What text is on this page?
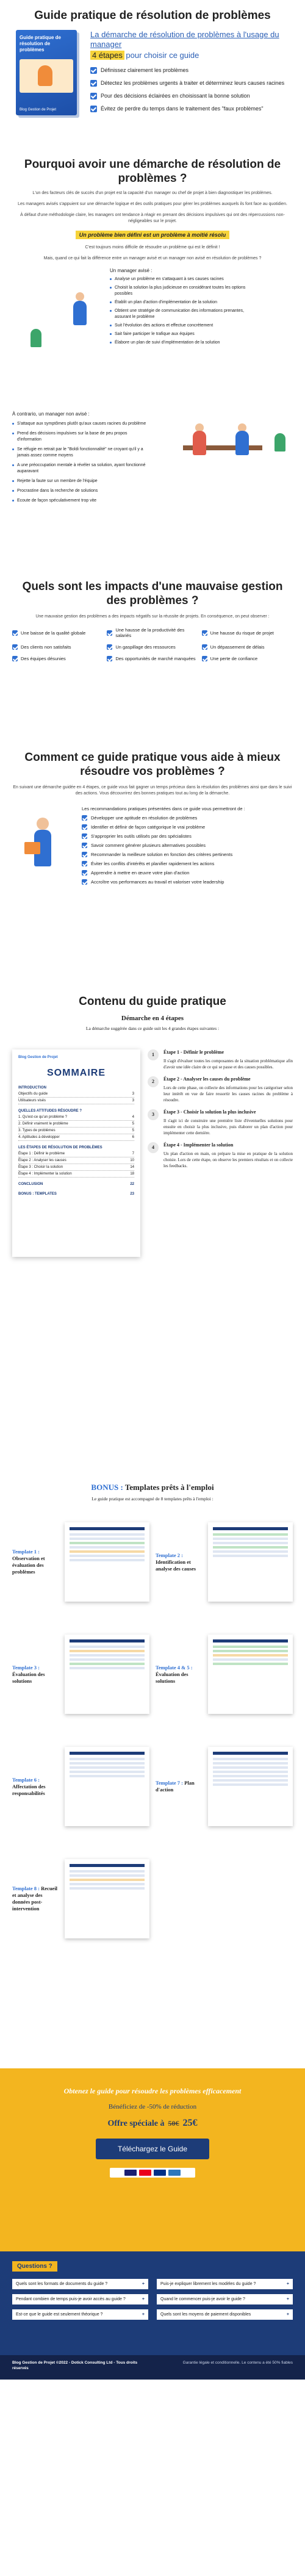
Guide pratique de résolution de problèmes
Guide pratique de résolution de problèmes
Blog Gestion de Projet
La démarche de résolution de problèmes à l'usage du manager
4 étapes pour choisir ce guide
Définissez clairement les problèmes
Détectez les problèmes urgents à traiter et déterminez leurs causes racines
Pour des décisions éclairées en choisissant la bonne solution
Évitez de perdre du temps dans le traitement des "faux problèmes"
Pourquoi avoir une démarche de résolution de problèmes ?

L'un des facteurs clés de succès d'un projet est la capacité d'un manager ou chef de projet à bien diagnostiquer les problèmes.

Les managers avisés s'appuient sur une démarche logique et des outils pratiques pour gérer les problèmes auxquels ils font face au quotidien.

À défaut d'une méthodologie claire, les managers ont tendance à réagir en prenant des décisions impulsives qui ont des répercussions non-négligeables sur le projet.

Un problème bien défini est un problème à moitié résolu

C'est toujours moins difficile de résoudre un problème qui est le définit !

Mais, quand ce qui fait la différence entre un manager avisé et un manager non avisé en résolution de problèmes ?

Un manager avisé :
Analyse un problème en s'attaquant à ses causes racines
Choisit la solution la plus judicieuse en considérant toutes les options possibles
Établit un plan d'action d'implémentation de la solution
Obtient une stratégie de communication des informations prenantes, assurant le problème
Suit l'évolution des actions et effectue concrètement
Sait faire participer le trafique aux équipes
Élabore un plan de suivi d'implémentation de la solution
À contrario, un manager non avisé :
S'attaque aux symptômes plutôt qu'aux causes racines du problème
Prend des décisions impulsives sur la base de peu propos d'information
Se réfugie en retrait par le "Boldi fonctionnalité" ne croyant qu'il y a jamais assez comme moyens
A une préoccupation mentale à révéler sa solution, ayant fonctionné auparavant
Rejette la faute sur un membre de l'équipe
Procrastine dans la recherche de solutions
Ecoute de façon spéculativement trop vite
Quels sont les impacts d'une mauvaise gestion des problèmes ?

Une mauvaise gestion des problèmes a des impacts négatifs sur la réussite de projets. En conséquence, on peut observer :

Une baisse de la qualité globale	Une hausse de la productivité des salariés	Une hausse du risque de projet
Des clients non satisfaits	Un gaspillage des ressources	Un dépassement de délais
Des équipes désunies	Des opportunités de marché manquées	Une perte de confiance
Comment ce guide pratique vous aide à mieux résoudre vos problèmes ?

En suivant une démarche guidée en 4 étapes, ce guide vous fait gagner un temps précieux dans la résolution des problèmes ainsi que dans le suivi des actions. Vous découvrirez des bonnes pratiques tout au long de la démarche.

Les recommandations pratiques présentées dans ce guide vous permettront de :
Développer une aptitude en résolution de problèmes
Identifier et définir de façon catégorique le vrai problème
S'approprier les outils utilisés par des spécialistes
Savoir comment générer plusieurs alternatives possibles
Recommander la meilleure solution en fonction des critères pertinents
Éviter les conflits d'intérêts et planifier rapidement les actions
Apprendre à mettre en œuvre votre plan d'action
Accroître vos performances au travail et valoriser votre leadership
Contenu du guide pratique
Démarche en 4 étapes
La démarche suggérée dans ce guide suit les 4 grandes étapes suivantes :
Blog Gestion de Projet
SOMMAIRE
INTRODUCTION
Objectifs du guide	3
Utilisateurs visés	3
QUELLES ATTITUDES RÉSOUDRE ?
1. Qu'est-ce qu'un problème ?	4
2. Définir vraiment le problème	5
3. Types de problèmes	5
4. Aptitudes à développer	6
LES ÉTAPES DE RÉSOLUTION DE PROBLÈMES
Étape 1 : Définir le problème	7
Étape 2 : Analyser les causes	10
Étape 3 : Choisir la solution	14
Étape 4 : Implémenter la solution	18
CONCLUSION	22
BONUS : TEMPLATES	23
1	Étape 1 - Définir le problème

Il s'agit d'évaluer toutes les composantes de la situation problématique afin d'avoir une idée claire de ce qui se passe et des causes possibles.

2	Étape 2 - Analyser les causes du problème

Lors de cette phase, on collecte des informations pour les catégoriser selon leur intérêt en vue de faire ressortir les causes racines du problème à résoudre.

3	Étape 3 - Choisir la solution la plus inclusive

Il s'agit ici de construire une première liste d'éventuelles solutions pour ensuite en choisir la plus inclusive, puis élaborer un plan d'action pour implémenter cette dernière.

4	Étape 4 - Implémenter la solution

Un plan d'action en main, on prépare la mise en pratique de la solution choisie. Lors de cette étape, on observe les premiers résultats et on collecte les feedbacks.

BONUS : Templates prêts à l'emploi
Le guide pratique est accompagné de 8 templates prêts à l'emploi :
Template 1 : Observation et évaluation des problèmes
Template 2 : Identification et analyse des causes
Template 3 : Évaluation des solutions
Template 4 & 5 : Évaluation des solutions
Template 6 : Affectation des responsabilités
Template 7 : Plan d'action
Template 8 : Recueil et analyse des données post-intervention
Obtenez le guide pour résoudre les problèmes efficacement
Bénéficiez de -50% de réduction
Offre spéciale à 50€ 25€
Téléchargez le Guide
Questions ?
Quels sont les formats de documents du guide ?	+	Puis-je expliquer librement les modèles du guide ?	+
Pendant combien de temps puis-je avoir accès au guide ?	+	Quand le commencer puis-je avoir le guide ?	+
Est-ce que le guide est seulement théorique ?	+	Quels sont les moyens de paiement disponibles	+
Blog Gestion de Projet ©2022 - Dotick Consulting Ltd - Tous droits réservés
Garantie légale et conditionnelle. Le contenu a été 50% fiables
